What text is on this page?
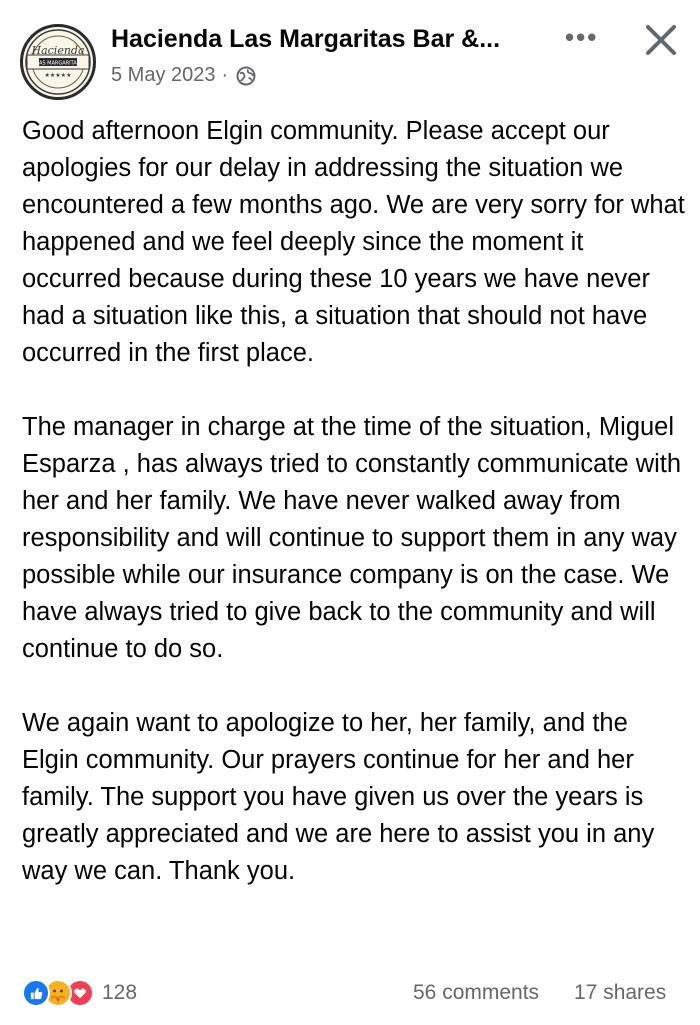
Hacienda
LAS MARGARITAS
★★★★★
Hacienda Las Margaritas Bar &...
5 May 2023 ·
•••

Good afternoon Elgin community. Please accept our apologies for our delay in addressing the situation we encountered a few months ago. We are very sorry for what happened and we feel deeply since the moment it occurred because during these 10 years we have never had a situation like this, a situation that should not have occurred in the first place.

The manager in charge at the time of the situation, Miguel Esparza , has always tried to constantly communicate with her and her family. We have never walked away from responsibility and will continue to support them in any way possible while our insurance company is on the case. We have always tried to give back to the community and will continue to do so.

We again want to apologize to her, her family, and the Elgin community. Our prayers continue for her and her family. The support you have given us over the years is greatly appreciated and we are here to assist you in any way we can. Thank you.

128	56 comments 17 shares
